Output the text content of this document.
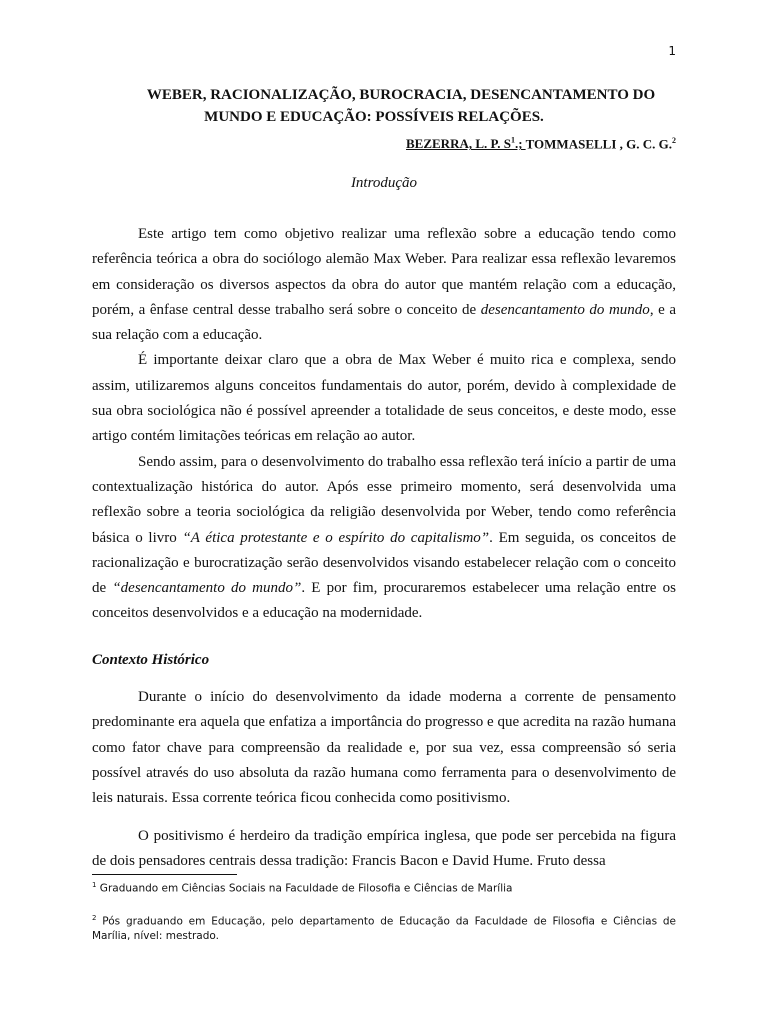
1
WEBER, RACIONALIZAÇÃO, BUROCRACIA, DESENCANTAMENTO DO
MUNDO E EDUCAÇÃO: POSSÍVEIS RELAÇÕES.
BEZERRA, L. P. $S^1$.; TOMMASELLI , G. C. G.$^2$
Introdução

Este artigo tem como objetivo realizar uma reflexão sobre a educação tendo como referência teórica a obra do sociólogo alemão Max Weber. Para realizar essa reflexão levaremos em consideração os diversos aspectos da obra do autor que mantém relação com a educação, porém, a ênfase central desse trabalho será sobre o conceito de desencantamento do mundo, e a sua relação com a educação.

É importante deixar claro que a obra de Max Weber é muito rica e complexa, sendo assim, utilizaremos alguns conceitos fundamentais do autor, porém, devido à complexidade de sua obra sociológica não é possível apreender a totalidade de seus conceitos, e deste modo, esse artigo contém limitações teóricas em relação ao autor.

Sendo assim, para o desenvolvimento do trabalho essa reflexão terá início a partir de uma contextualização histórica do autor. Após esse primeiro momento, será desenvolvida uma reflexão sobre a teoria sociológica da religião desenvolvida por Weber, tendo como referência básica o livro “A ética protestante e o espírito do capitalismo”. Em seguida, os conceitos de racionalização e burocratização serão desenvolvidos visando estabelecer relação com o conceito de “desencantamento do mundo”. E por fim, procuraremos estabelecer uma relação entre os conceitos desenvolvidos e a educação na modernidade.

Contexto Histórico

Durante o início do desenvolvimento da idade moderna a corrente de pensamento predominante era aquela que enfatiza a importância do progresso e que acredita na razão humana como fator chave para compreensão da realidade e, por sua vez, essa compreensão só seria possível através do uso absoluta da razão humana como ferramenta para o desenvolvimento de leis naturais. Essa corrente teórica ficou conhecida como positivismo.

O positivismo é herdeiro da tradição empírica inglesa, que pode ser percebida na figura de dois pensadores centrais dessa tradição: Francis Bacon e David Hume. Fruto dessa

$^1$ Graduando em Ciências Sociais na Faculdade de Filosofia e Ciências de Marília

$^2$ Pós graduando em Educação, pelo departamento de Educação da Faculdade de Filosofia e Ciências de Marília, nível: mestrado.
